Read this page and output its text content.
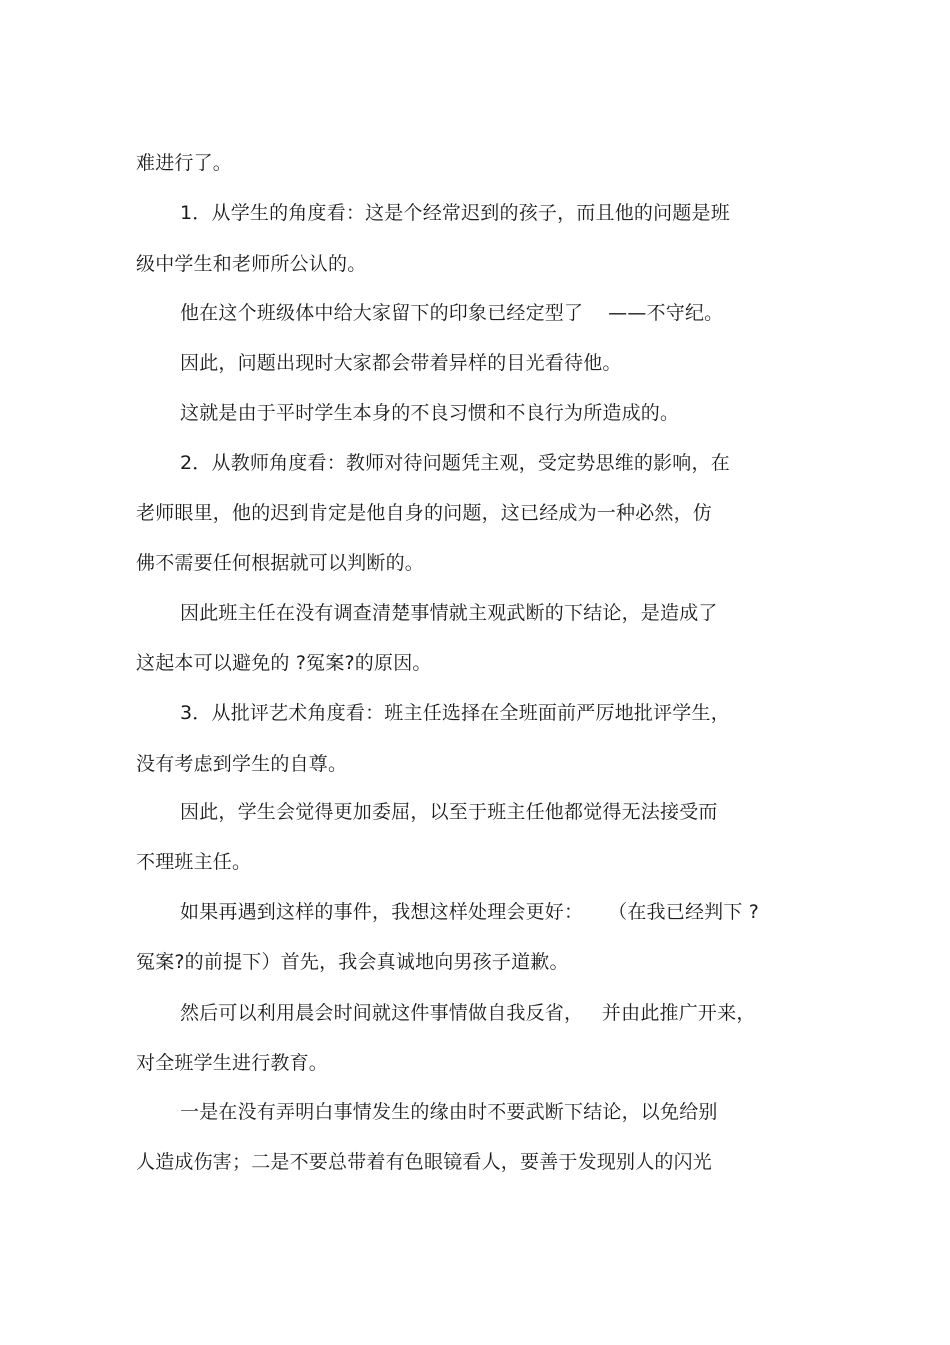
难进行了。
1．从学生的角度看：这是个经常迟到的孩子，而且他的问题是班
级中学生和老师所公认的。
他在这个班级体中给大家留下的印象已经定型了    ——不守纪。
因此，问题出现时大家都会带着异样的目光看待他。
这就是由于平时学生本身的不良习惯和不良行为所造成的。
2．从教师角度看：教师对待问题凭主观，受定势思维的影响，在
老师眼里，他的迟到肯定是他自身的问题，这已经成为一种必然，仿
佛不需要任何根据就可以判断的。
因此班主任在没有调查清楚事情就主观武断的下结论，是造成了
这起本可以避免的 ?冤案?的原因。
3．从批评艺术角度看：班主任选择在全班面前严厉地批评学生，
没有考虑到学生的自尊。
因此，学生会觉得更加委屈，以至于班主任他都觉得无法接受而
不理班主任。
如果再遇到这样的事件，我想这样处理会更好：    （在我已经判下 ?
冤案?的前提下）首先，我会真诚地向男孩子道歉。
然后可以利用晨会时间就这件事情做自我反省，   并由此推广开来，
对全班学生进行教育。
一是在没有弄明白事情发生的缘由时不要武断下结论，以免给别
人造成伤害；二是不要总带着有色眼镜看人，要善于发现别人的闪光
